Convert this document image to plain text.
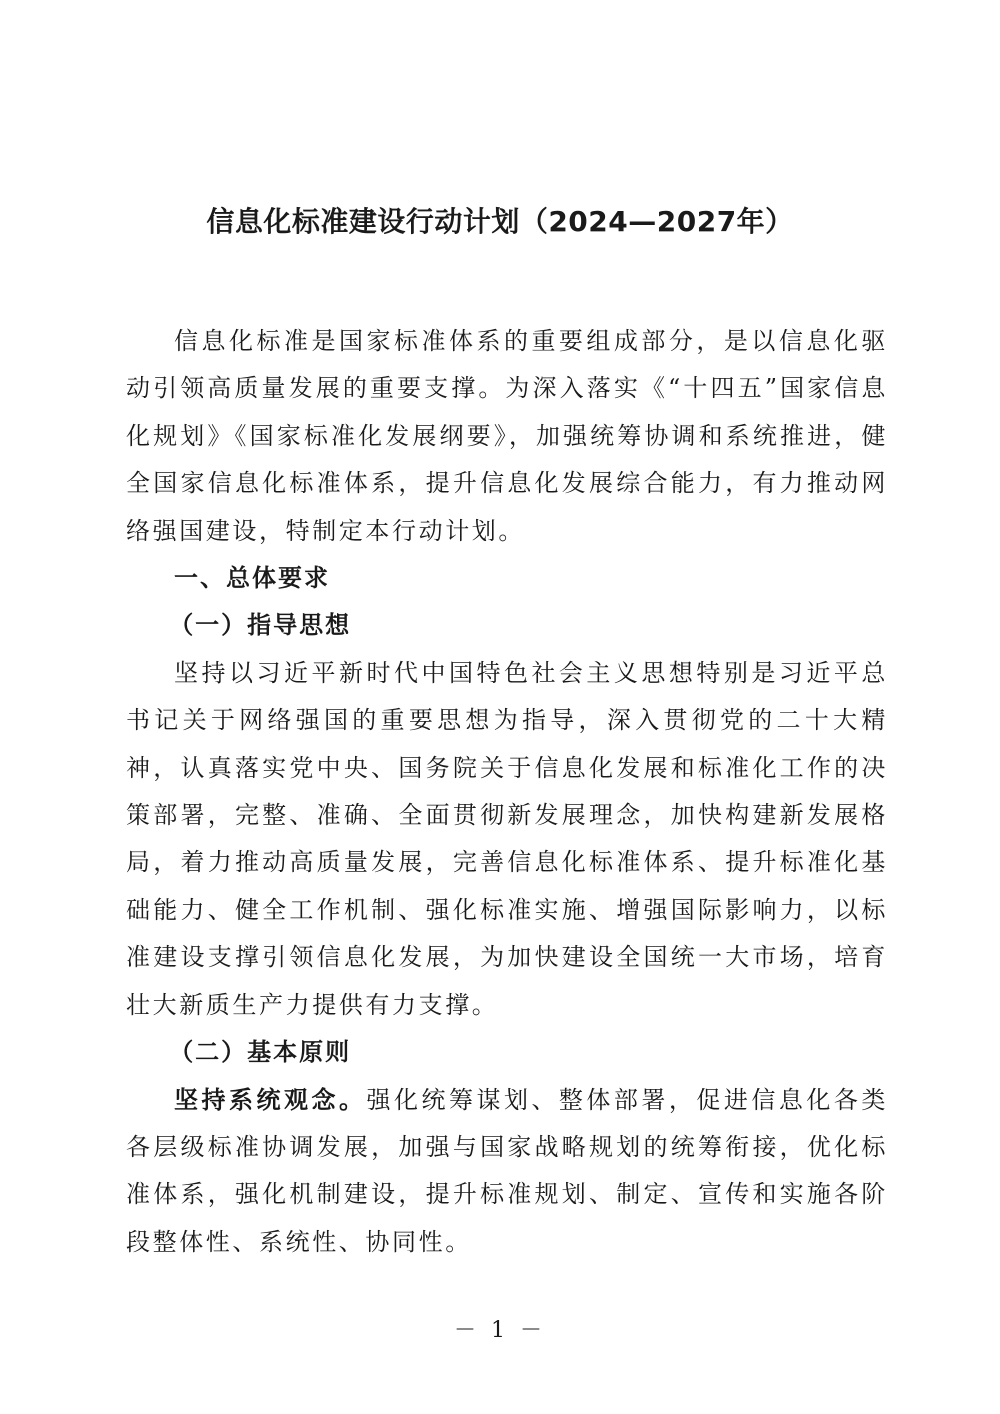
信息化标准建设行动计划（2024—2027年）

信息化标准是国家标准体系的重要组成部分，是以信息化驱动引领高质量发展的重要支撑。为深入落实《“十四五”国家信息化规划》《国家标准化发展纲要》，加强统筹协调和系统推进，健全国家信息化标准体系，提升信息化发展综合能力，有力推动网络强国建设，特制定本行动计划。

一、总体要求

（一）指导思想

坚持以习近平新时代中国特色社会主义思想特别是习近平总书记关于网络强国的重要思想为指导，深入贯彻党的二十大精神，认真落实党中央、国务院关于信息化发展和标准化工作的决策部署，完整、准确、全面贯彻新发展理念，加快构建新发展格局，着力推动高质量发展，完善信息化标准体系、提升标准化基础能力、健全工作机制、强化标准实施、增强国际影响力，以标准建设支撑引领信息化发展，为加快建设全国统一大市场，培育壮大新质生产力提供有力支撑。

（二）基本原则

坚持系统观念。强化统筹谋划、整体部署，促进信息化各类各层级标准协调发展，加强与国家战略规划的统筹衔接，优化标准体系，强化机制建设，提升标准规划、制定、宣传和实施各阶段整体性、系统性、协同性。

－ 1 －
